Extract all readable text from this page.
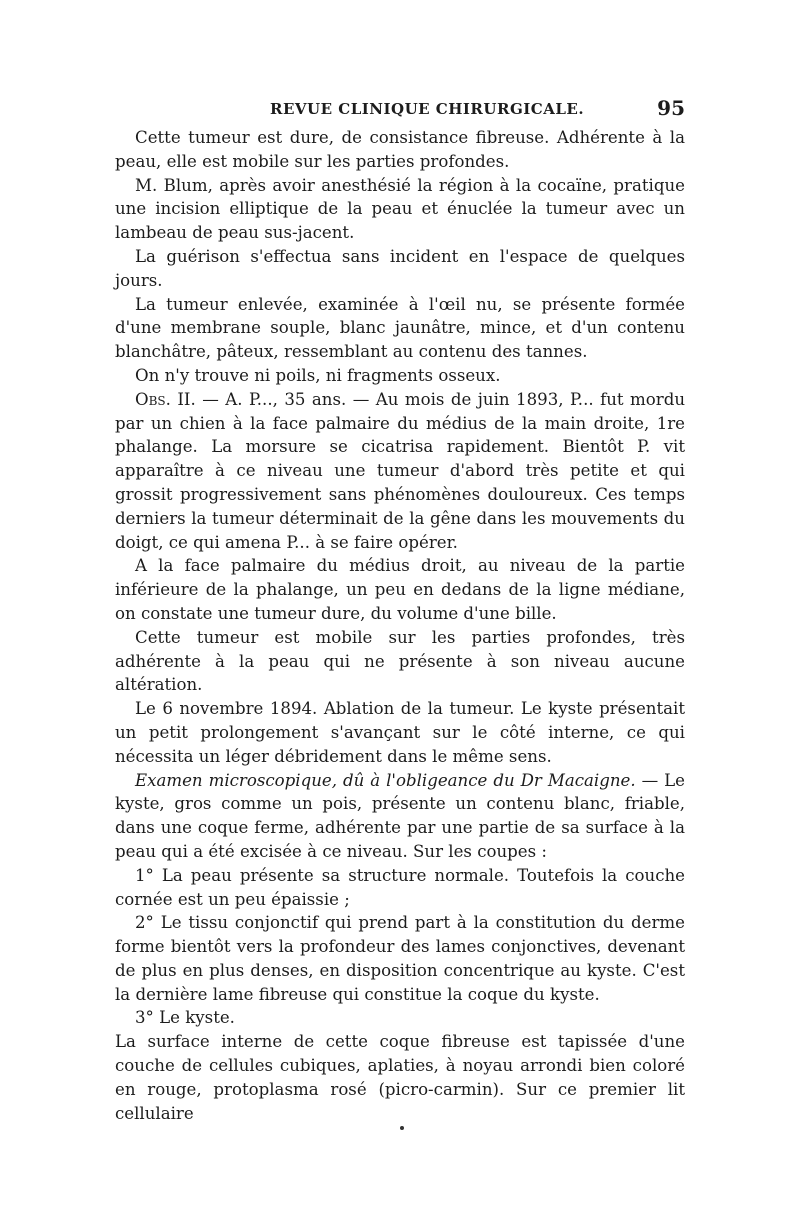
REVUE CLINIQUE CHIRURGICALE.	95

Cette tumeur est dure, de consistance fibreuse. Adhérente à la peau, elle est mobile sur les parties profondes.

M. Blum, après avoir anesthésié la région à la cocaïne, pratique une incision elliptique de la peau et énuclée la tumeur avec un lambeau de peau sus-jacent.

La guérison s'effectua sans incident en l'espace de quelques jours.

La tumeur enlevée, examinée à l'œil nu, se présente formée d'une membrane souple, blanc jaunâtre, mince, et d'un contenu blanchâtre, pâteux, ressemblant au contenu des tannes.

On n'y trouve ni poils, ni fragments osseux.

Obs. II. — A. P..., 35 ans. — Au mois de juin 1893, P... fut mordu par un chien à la face palmaire du médius de la main droite, 1re phalange. La morsure se cicatrisa rapidement. Bientôt P. vit apparaître à ce niveau une tumeur d'abord très petite et qui grossit progressivement sans phénomènes douloureux. Ces temps derniers la tumeur déterminait de la gêne dans les mouvements du doigt, ce qui amena P... à se faire opérer.

A la face palmaire du médius droit, au niveau de la partie inférieure de la phalange, un peu en dedans de la ligne médiane, on constate une tumeur dure, du volume d'une bille.

Cette tumeur est mobile sur les parties profondes, très adhérente à la peau qui ne présente à son niveau aucune altération.

Le 6 novembre 1894. Ablation de la tumeur. Le kyste présentait un petit prolongement s'avançant sur le côté interne, ce qui nécessita un léger débridement dans le même sens.

Examen microscopique, dû à l'obligeance du Dr Macaigne. — Le kyste, gros comme un pois, présente un contenu blanc, friable, dans une coque ferme, adhérente par une partie de sa surface à la peau qui a été excisée à ce niveau. Sur les coupes :

1° La peau présente sa structure normale. Toutefois la couche cornée est un peu épaissie ;

2° Le tissu conjonctif qui prend part à la constitution du derme forme bientôt vers la profondeur des lames conjonctives, devenant de plus en plus denses, en disposition concentrique au kyste. C'est la dernière lame fibreuse qui constitue la coque du kyste.

3° Le kyste.

La surface interne de cette coque fibreuse est tapissée d'une couche de cellules cubiques, aplaties, à noyau arrondi bien coloré en rouge, protoplasma rosé (picro-carmin). Sur ce premier lit cellulaire
